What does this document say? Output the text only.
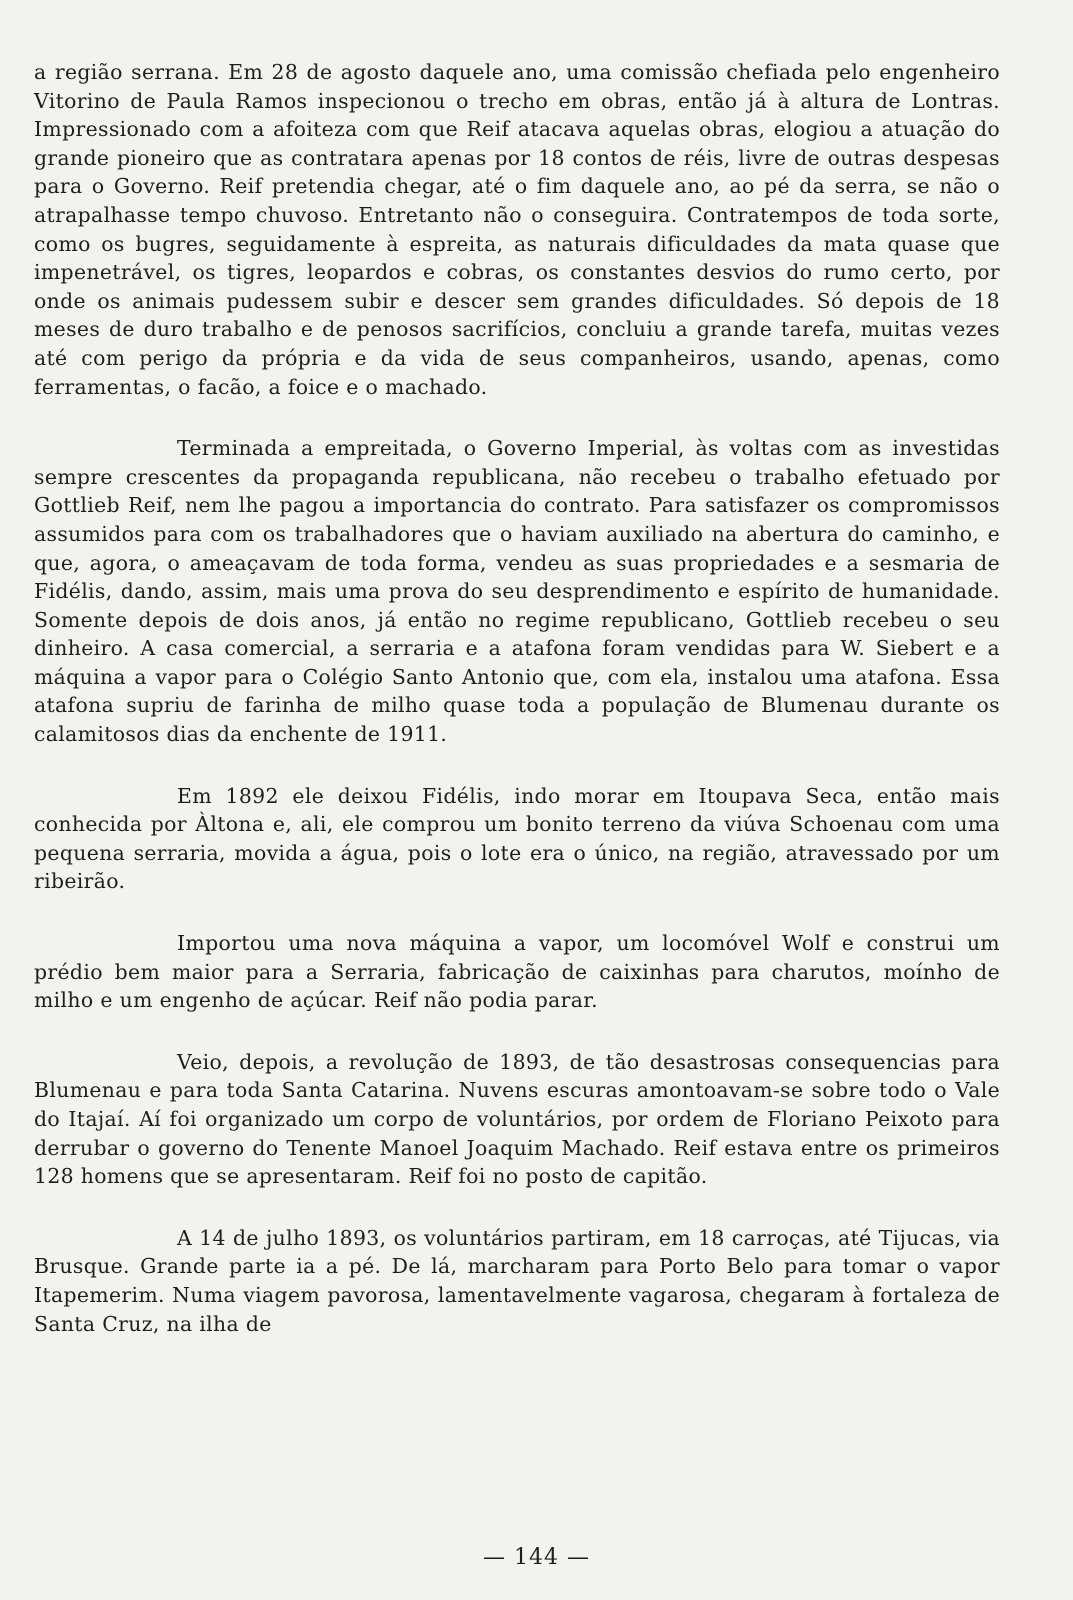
a região serrana. Em 28 de agosto daquele ano, uma comissão chefiada pelo engenheiro Vitorino de Paula Ramos inspecionou o trecho em obras, então já à altura de Lontras. Impressionado com a afoiteza com que Reif atacava aquelas obras, elogiou a atuação do grande pioneiro que as contratara apenas por 18 contos de réis, livre de outras despesas para o Governo. Reif pretendia chegar, até o fim daquele ano, ao pé da serra, se não o atrapalhasse tempo chuvoso. Entretanto não o conseguira. Contratempos de toda sorte, como os bugres, seguidamente à espreita, as naturais dificuldades da mata quase que impenetrável, os tigres, leopardos e cobras, os constantes desvios do rumo certo, por onde os animais pudessem subir e descer sem grandes dificuldades. Só depois de 18 meses de duro trabalho e de penosos sacrifícios, concluiu a grande tarefa, muitas vezes até com perigo da própria e da vida de seus companheiros, usando, apenas, como ferramentas, o facão, a foice e o machado.

Terminada a empreitada, o Governo Imperial, às voltas com as investidas sempre crescentes da propaganda republicana, não recebeu o trabalho efetuado por Gottlieb Reif, nem lhe pagou a importancia do contrato. Para satisfazer os compromissos assumidos para com os trabalhadores que o haviam auxiliado na abertura do caminho, e que, agora, o ameaçavam de toda forma, vendeu as suas propriedades e a sesmaria de Fidélis, dando, assim, mais uma prova do seu desprendimento e espírito de humanidade. Somente depois de dois anos, já então no regime republicano, Gottlieb recebeu o seu dinheiro. A casa comercial, a serraria e a atafona foram vendidas para W. Siebert e a máquina a vapor para o Colégio Santo Antonio que, com ela, instalou uma atafona. Essa atafona supriu de farinha de milho quase toda a população de Blumenau durante os calamitosos dias da enchente de 1911.

Em 1892 ele deixou Fidélis, indo morar em Itoupava Seca, então mais conhecida por Àltona e, ali, ele comprou um bonito terreno da viúva Schoenau com uma pequena serraria, movida a água, pois o lote era o único, na região, atravessado por um ribeirão.

Importou uma nova máquina a vapor, um locomóvel Wolf e construi um prédio bem maior para a Serraria, fabricação de caixinhas para charutos, moínho de milho e um engenho de açúcar. Reif não podia parar.

Veio, depois, a revolução de 1893, de tão desastrosas consequencias para Blumenau e para toda Santa Catarina. Nuvens escuras amontoavam-se sobre todo o Vale do Itajaí. Aí foi organizado um corpo de voluntários, por ordem de Floriano Peixoto para derrubar o governo do Tenente Manoel Joaquim Machado. Reif estava entre os primeiros 128 homens que se apresentaram. Reif foi no posto de capitão.

A 14 de julho 1893, os voluntários partiram, em 18 carroças, até Tijucas, via Brusque. Grande parte ia a pé. De lá, marcharam para Porto Belo para tomar o vapor Itapemerim. Numa viagem pavorosa, lamentavelmente vagarosa, chegaram à fortaleza de Santa Cruz, na ilha de

— 144 —
